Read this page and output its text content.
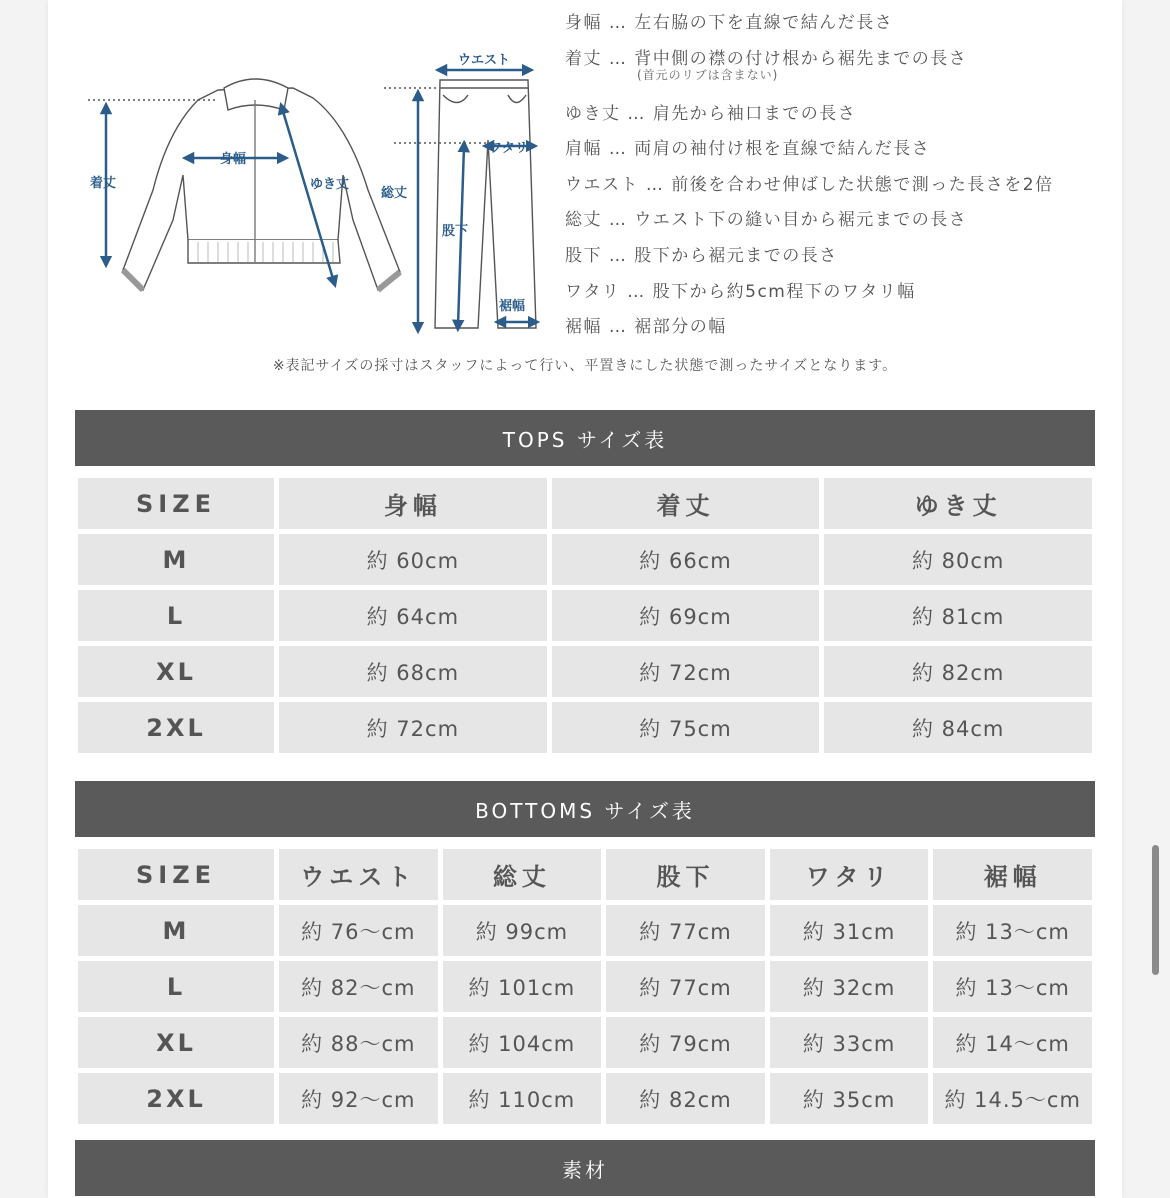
着丈
身幅
ゆき丈
ウエスト
総丈
ワタリ
股下
裾幅
身幅 … 左右脇の下を直線で結んだ長さ
着丈 … 背中側の襟の付け根から裾先までの長さ
(首元のリブは含まない)
ゆき丈 … 肩先から袖口までの長さ
肩幅 … 両肩の袖付け根を直線で結んだ長さ
ウエスト … 前後を合わせ伸ばした状態で測った長さを2倍
総丈 … ウエスト下の縫い目から裾元までの長さ
股下 … 股下から裾元までの長さ
ワタリ … 股下から約5cm程下のワタリ幅
裾幅 … 裾部分の幅
※表記サイズの採寸はスタッフによって行い、平置きにした状態で測ったサイズとなります。
TOPS サイズ表
SIZE	身幅	着丈	ゆき丈
M	約 60cm	約 66cm	約 80cm
L	約 64cm	約 69cm	約 81cm
XL	約 68cm	約 72cm	約 82cm
2XL	約 72cm	約 75cm	約 84cm
BOTTOMS サイズ表
SIZE	ウエスト	総丈	股下	ワタリ	裾幅
M	約 76〜cm	約 99cm	約 77cm	約 31cm	約 13〜cm
L	約 82〜cm	約 101cm	約 77cm	約 32cm	約 13〜cm
XL	約 88〜cm	約 104cm	約 79cm	約 33cm	約 14〜cm
2XL	約 92〜cm	約 110cm	約 82cm	約 35cm	約 14.5〜cm
素材
